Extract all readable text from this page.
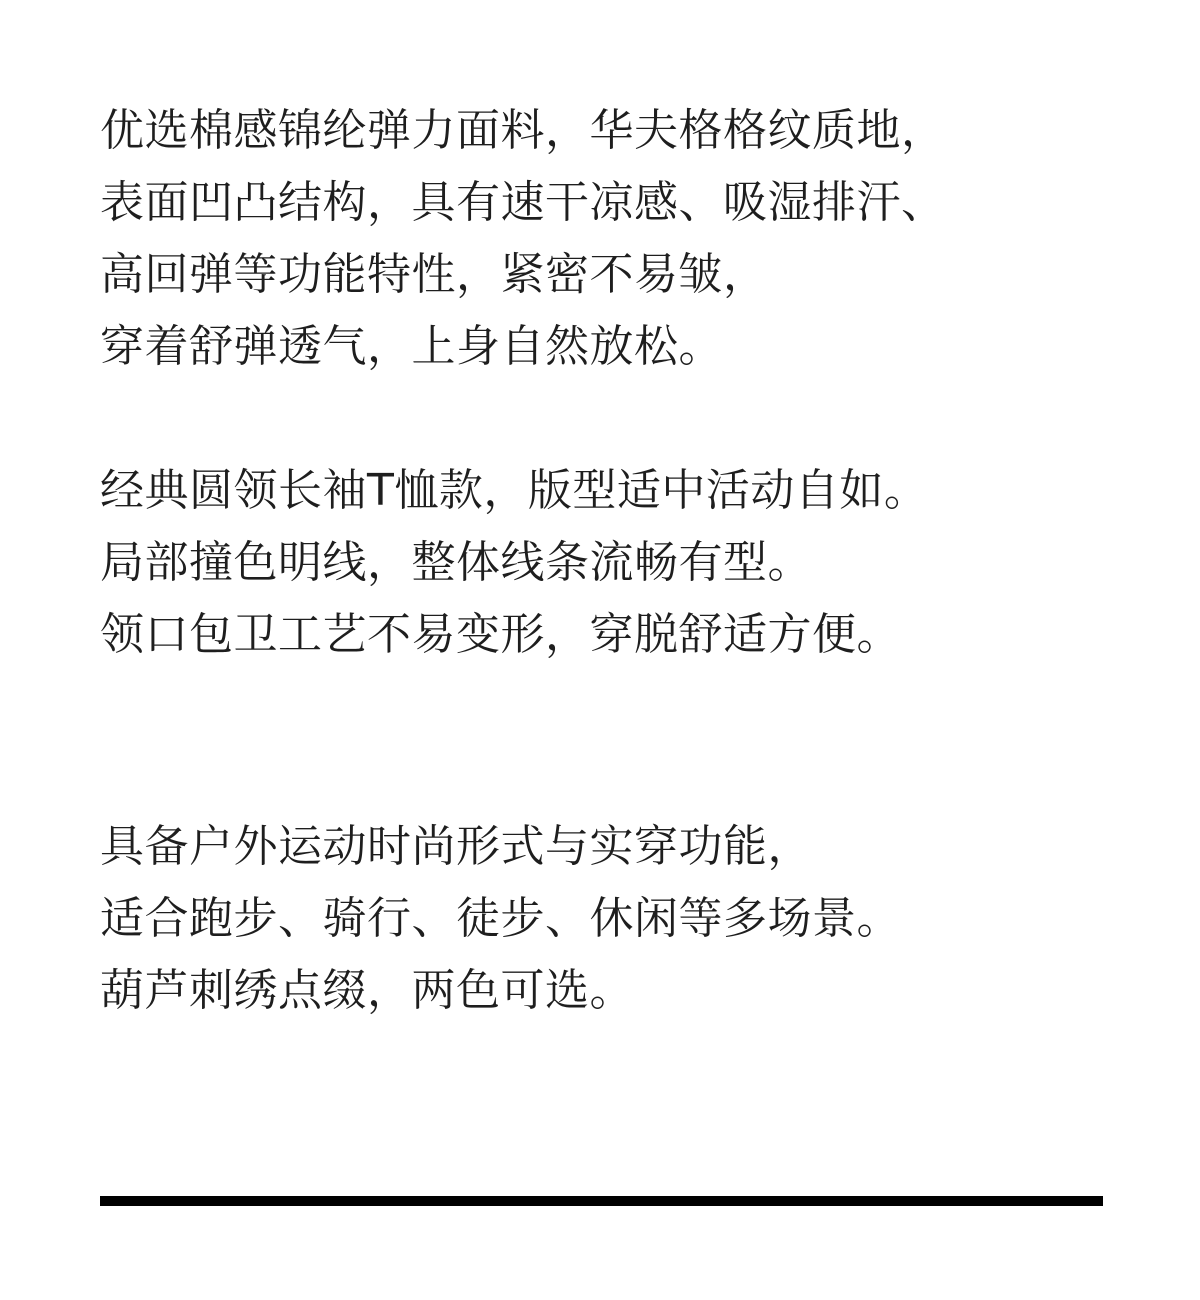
优选棉感锦纶弹力面料，华夫格格纹质地，
表面凹凸结构，具有速干凉感、吸湿排汗、
高回弹等功能特性，紧密不易皱，
穿着舒弹透气，上身自然放松。
经典圆领长袖T恤款，版型适中活动自如。
局部撞色明线，整体线条流畅有型。
领口包卫工艺不易变形，穿脱舒适方便。
具备户外运动时尚形式与实穿功能，
适合跑步、骑行、徒步、休闲等多场景。
葫芦刺绣点缀，两色可选。
